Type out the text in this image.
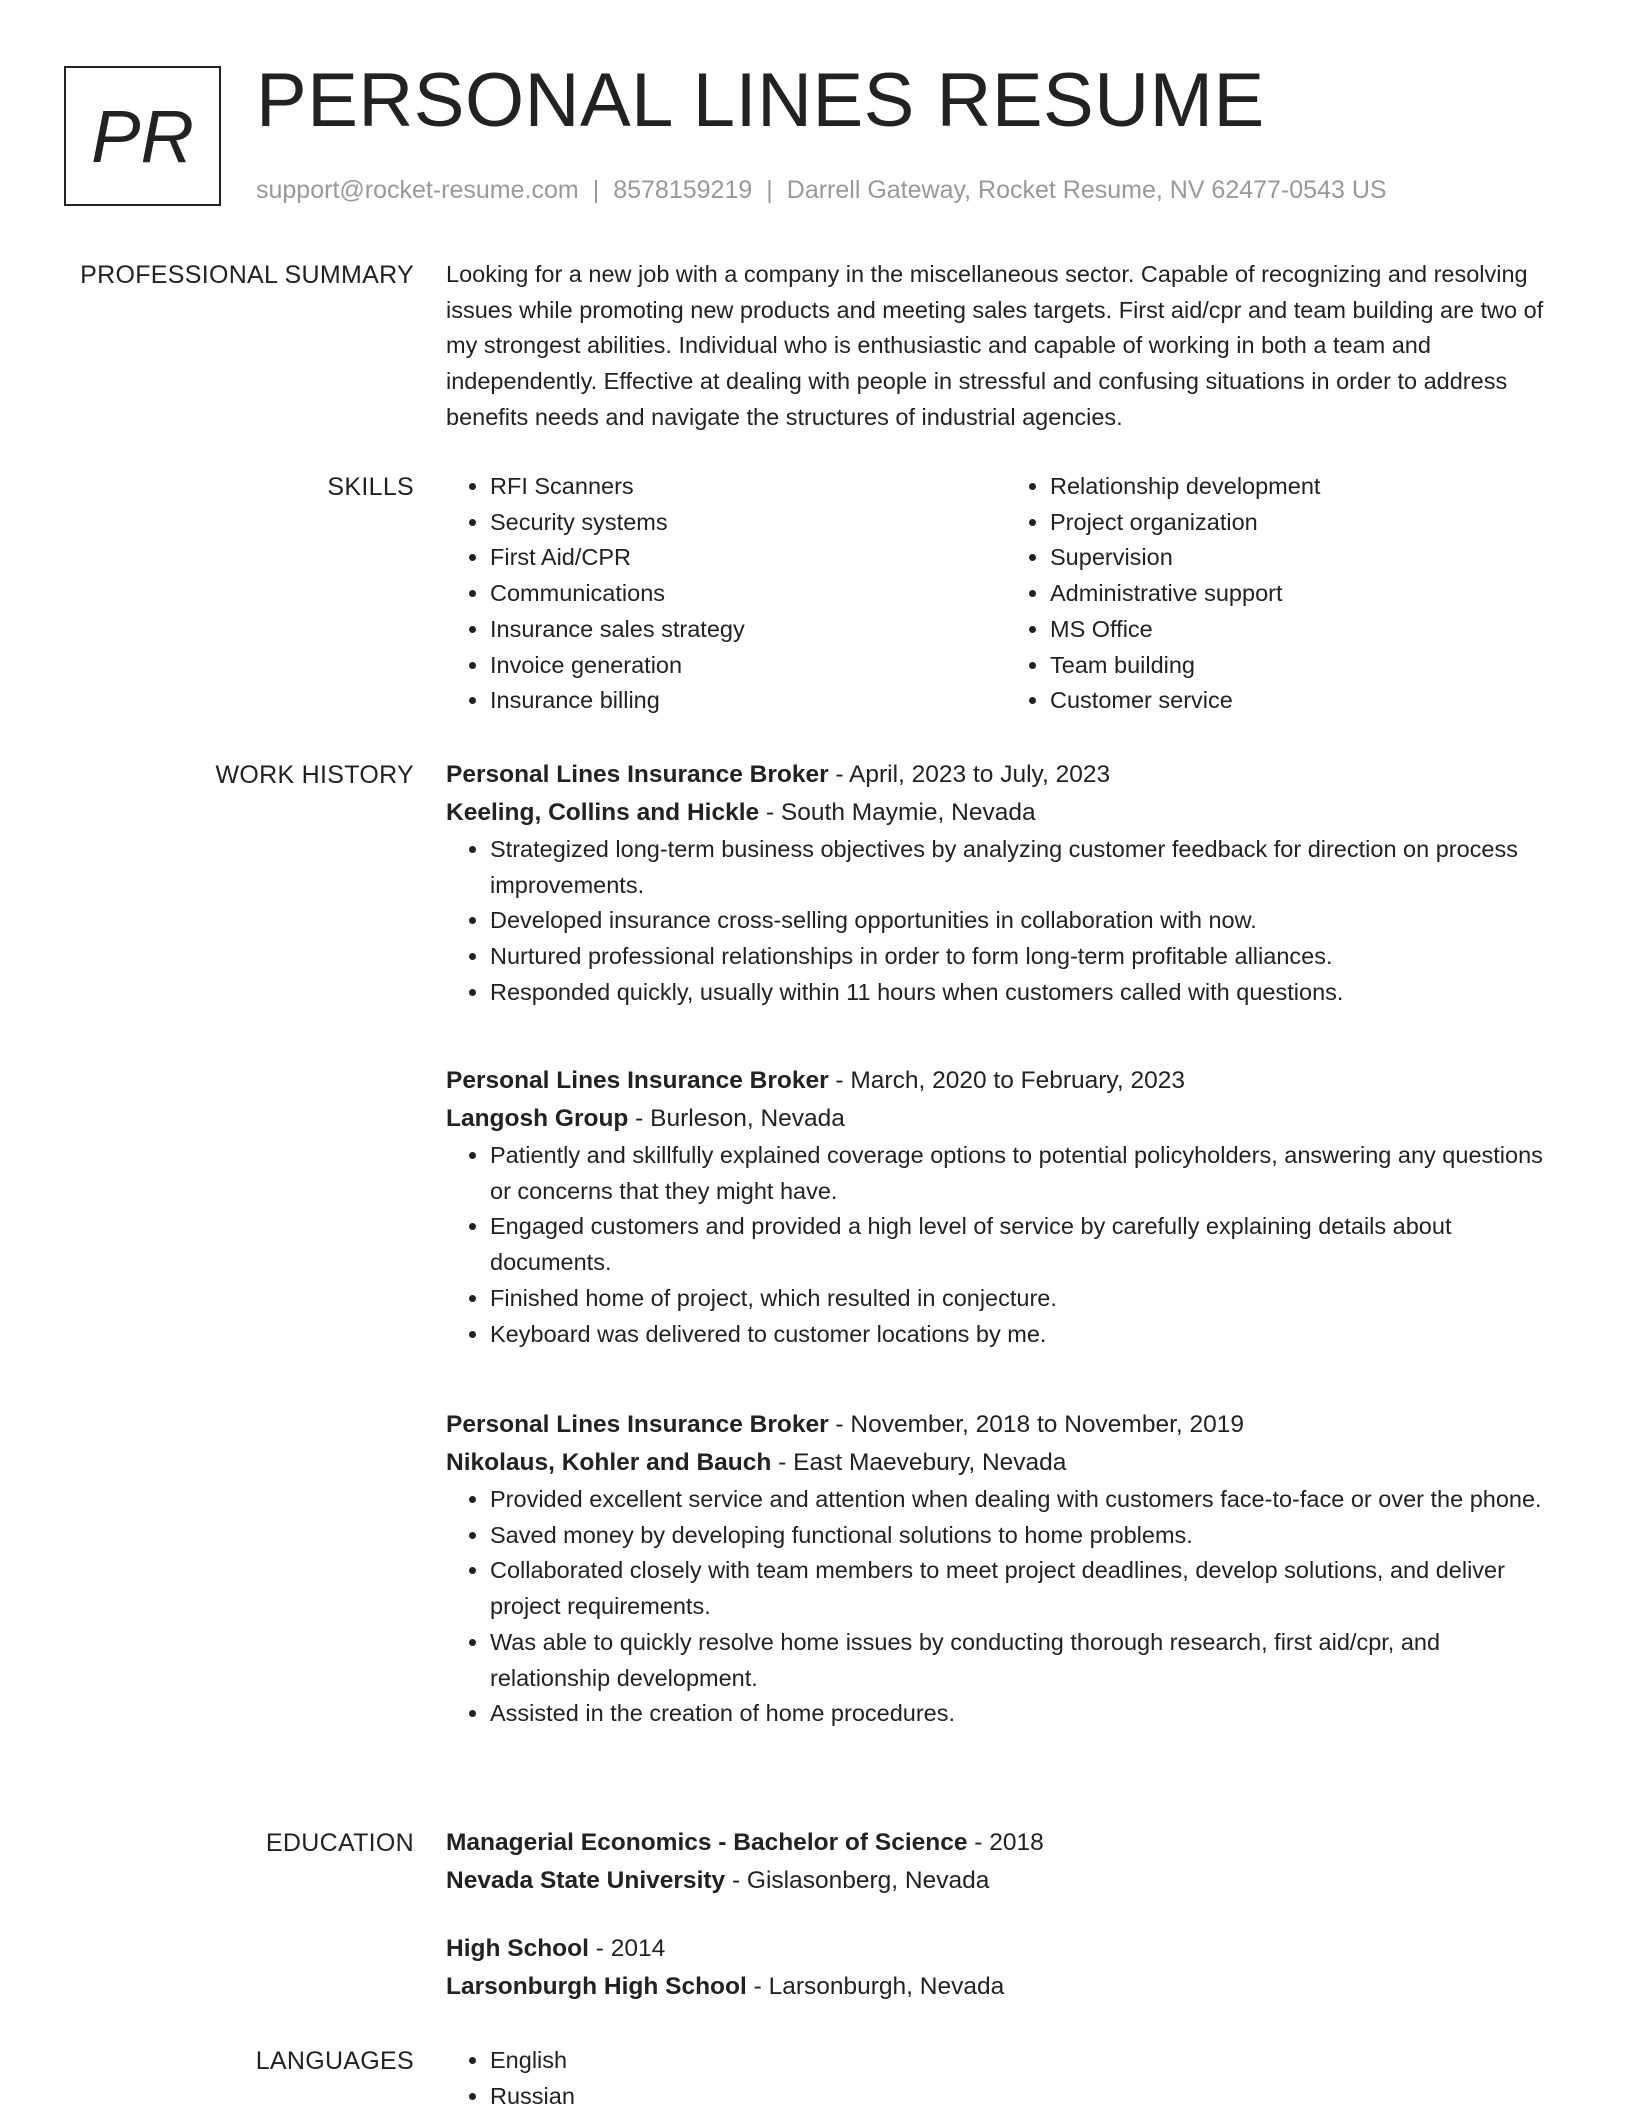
PR PERSONAL LINES RESUME
support@rocket-resume.com | 8578159219 | Darrell Gateway, Rocket Resume, NV 62477-0543 US
PROFESSIONAL SUMMARY Looking for a new job with a company in the miscellaneous sector. Capable of recognizing and resolving issues while promoting new products and meeting sales targets. First aid/cpr and team building are two of my strongest abilities. Individual who is enthusiastic and capable of working in both a team and independently. Effective at dealing with people in stressful and confusing situations in order to address benefits needs and navigate the structures of industrial agencies.

SKILLS	• RFI Scanners
• Security systems
• First Aid/CPR
• Communications
• Insurance sales strategy
• Invoice generation
• Insurance billing
• Relationship development
• Project organization
• Supervision
• Administrative support
• MS Office
• Team building
• Customer service
WORK HISTORY Personal Lines Insurance Broker - April, 2023 to July, 2023
Keeling, Collins and Hickle - South Maymie, Nevada
• Strategized long-term business objectives by analyzing customer feedback for direction on process improvements.
• Developed insurance cross-selling opportunities in collaboration with now.
• Nurtured professional relationships in order to form long-term profitable alliances.
• Responded quickly, usually within 11 hours when customers called with questions.
Personal Lines Insurance Broker - March, 2020 to February, 2023
Langosh Group - Burleson, Nevada
• Patiently and skillfully explained coverage options to potential policyholders, answering any questions or concerns that they might have.
• Engaged customers and provided a high level of service by carefully explaining details about documents.
• Finished home of project, which resulted in conjecture.
• Keyboard was delivered to customer locations by me.
Personal Lines Insurance Broker - November, 2018 to November, 2019
Nikolaus, Kohler and Bauch - East Maevebury, Nevada
• Provided excellent service and attention when dealing with customers face-to-face or over the phone.
• Saved money by developing functional solutions to home problems.
• Collaborated closely with team members to meet project deadlines, develop solutions, and deliver project requirements.
• Was able to quickly resolve home issues by conducting thorough research, first aid/cpr, and relationship development.
• Assisted in the creation of home procedures.
EDUCATION Managerial Economics - Bachelor of Science - 2018
Nevada State University - Gislasonberg, Nevada
High School - 2014
Larsonburgh High School - Larsonburgh, Nevada
LANGUAGES	• English
• Russian
